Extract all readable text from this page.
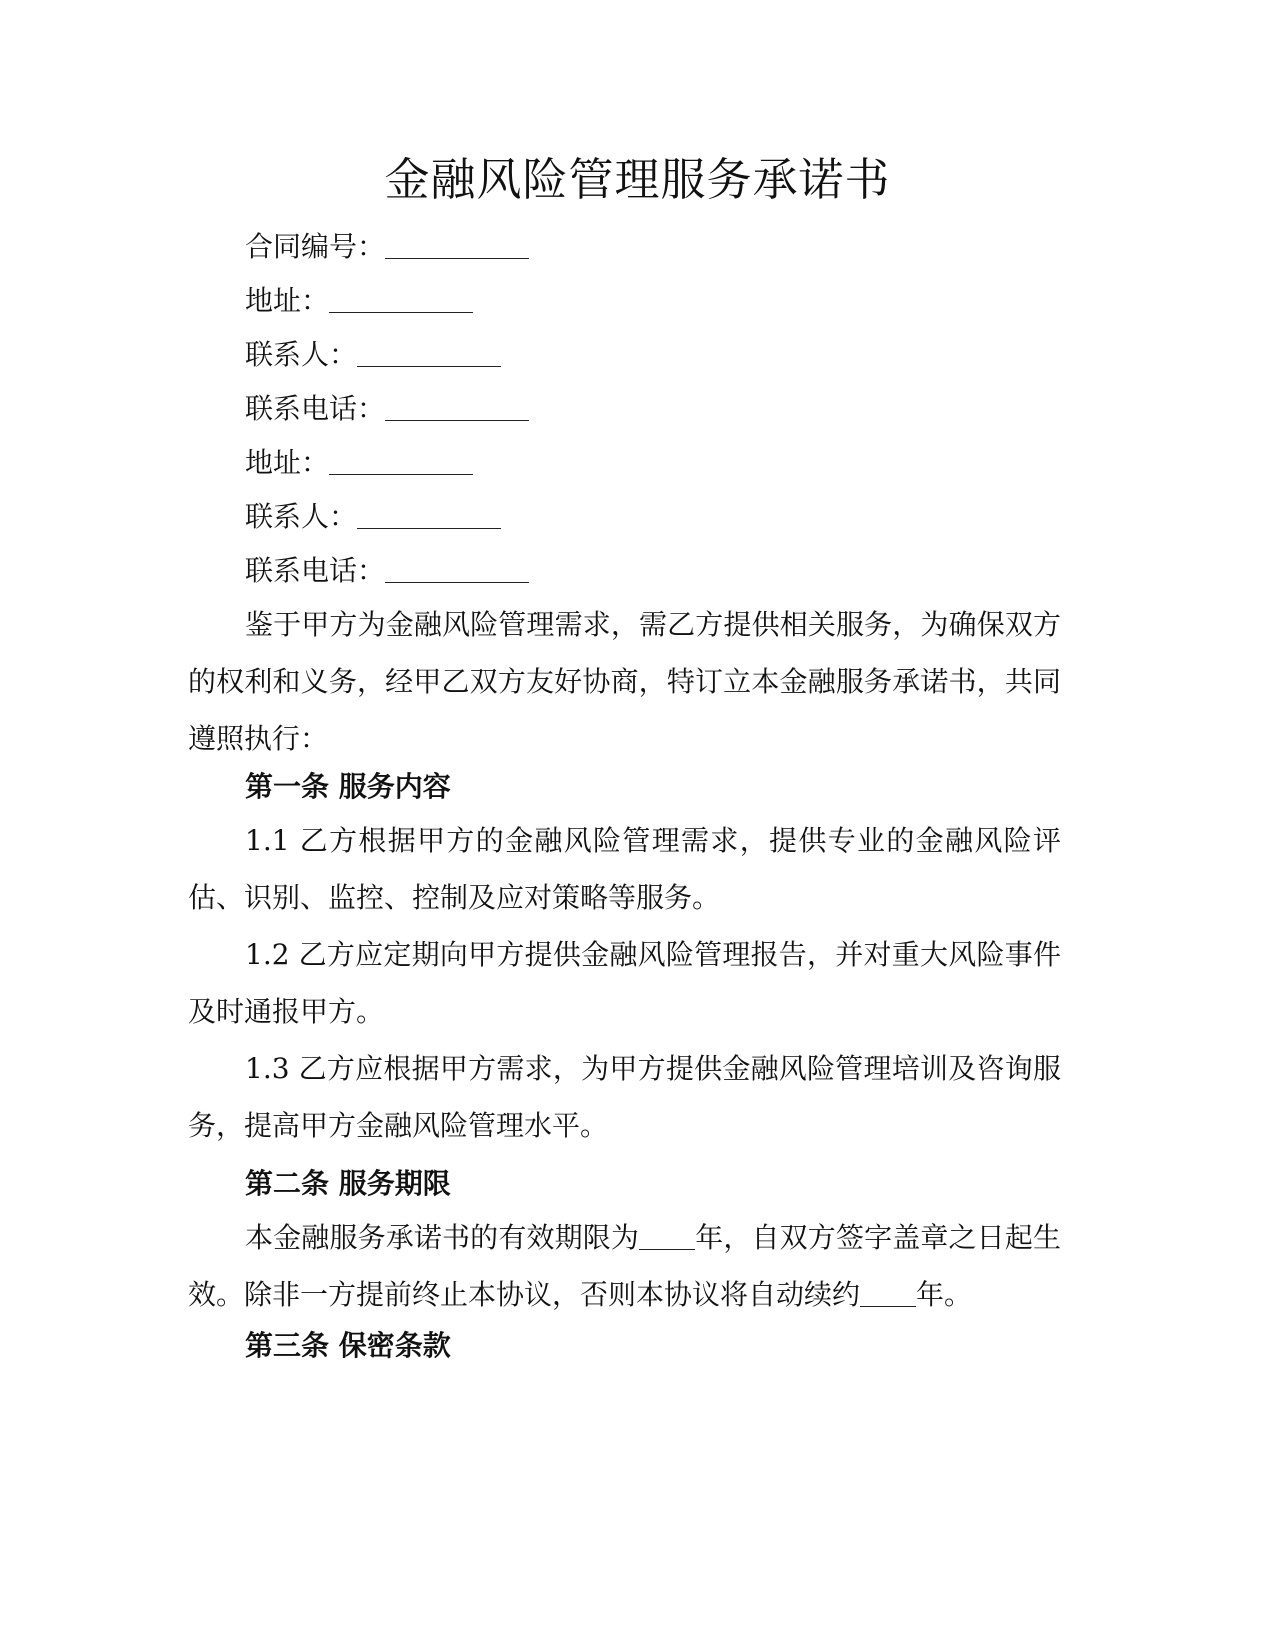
金融风险管理服务承诺书
合同编号：
地址：
联系人：
联系电话：
地址：
联系人：
联系电话：
鉴于甲方为金融风险管理需求，需乙方提供相关服务，为确保双方的权利和义务，经甲乙双方友好协商，特订立本金融服务承诺书，共同遵照执行：
第一条 服务内容
1.1 乙方根据甲方的金融风险管理需求，提供专业的金融风险评估、识别、监控、控制及应对策略等服务。
1.2 乙方应定期向甲方提供金融风险管理报告，并对重大风险事件及时通报甲方。
1.3 乙方应根据甲方需求，为甲方提供金融风险管理培训及咨询服务，提高甲方金融风险管理水平。
第二条 服务期限
本金融服务承诺书的有效期限为 年，自双方签字盖章之日起生效。除非一方提前终止本协议，否则本协议将自动续约 年。
第三条 保密条款
